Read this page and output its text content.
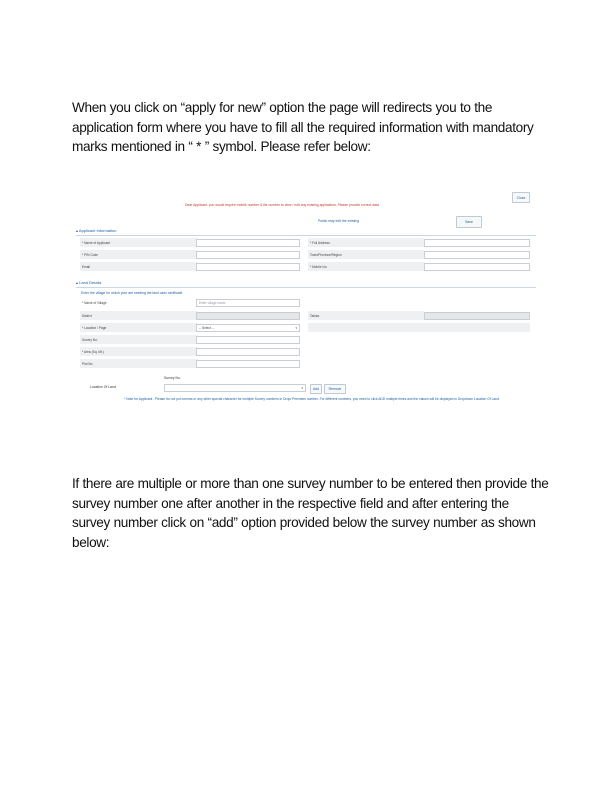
When you click on “apply for new” option the page will redirects you to the application form where you have to fill all the required information with mandatory marks mentioned in “ * ” symbol. Please refer below:
Close
Dear Applicant, you would require mobile number & file number to view / edit any existing application. Please provide correct data
Public may edit the existing	Save
▴ Applicant Information
* Name of Applicant	* Full Address
* PIN Code	Town/Province/Region
Email	* Mobile No.
▴ Land Details
Enter the village for which your are seeking the land uses certificate
* Name of Village	Enter village name
District	Taluka
* Location / Page	-- Select --	▾
Survey No.
* Area (Sq. Mt.)
Plot No.
Survey No.
Location Of Land	▾	Add	Remove
* Note for Applicant : Please do not put comma or any other special character for multiple Survey numbers in Drop/ Premises number. For different numbers, you need to click ADD multiple times and the values will be displayed in Dropdown Location Of Land.
If there are multiple or more than one survey number to be entered then provide the survey number one after another in the respective field and after entering the survey number click on “add” option provided below the survey number as shown below:
